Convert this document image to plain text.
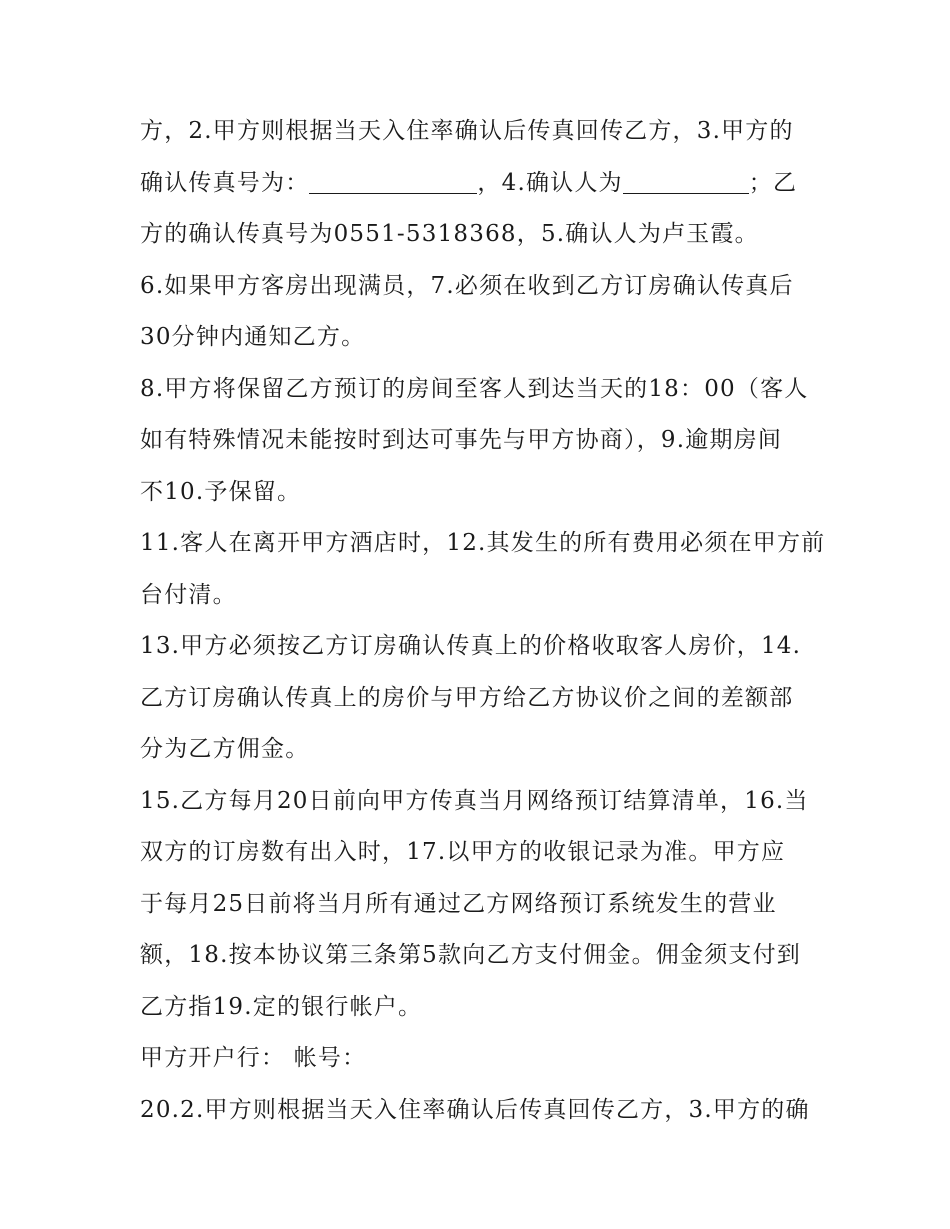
方，2.甲方则根据当天入住率确认后传真回传乙方，3.甲方的
确认传真号为：	，4.确认人为	；乙
方的确认传真号为0551-5318368，5.确认人为卢玉霞。
6.如果甲方客房出现满员，7.必须在收到乙方订房确认传真后
30分钟内通知乙方。
8.甲方将保留乙方预订的房间至客人到达当天的18：00（客人
如有特殊情况未能按时到达可事先与甲方协商），9.逾期房间
不10.予保留。
11.客人在离开甲方酒店时，12.其发生的所有费用必须在甲方前
台付清。
13.甲方必须按乙方订房确认传真上的价格收取客人房价，14.
乙方订房确认传真上的房价与甲方给乙方协议价之间的差额部
分为乙方佣金。
15.乙方每月20日前向甲方传真当月网络预订结算清单，16.当
双方的订房数有出入时，17.以甲方的收银记录为准。甲方应
于每月25日前将当月所有通过乙方网络预订系统发生的营业
额，18.按本协议第三条第5款向乙方支付佣金。佣金须支付到
乙方指19.定的银行帐户。
甲方开户行： 帐号：
20.2.甲方则根据当天入住率确认后传真回传乙方，3.甲方的确
